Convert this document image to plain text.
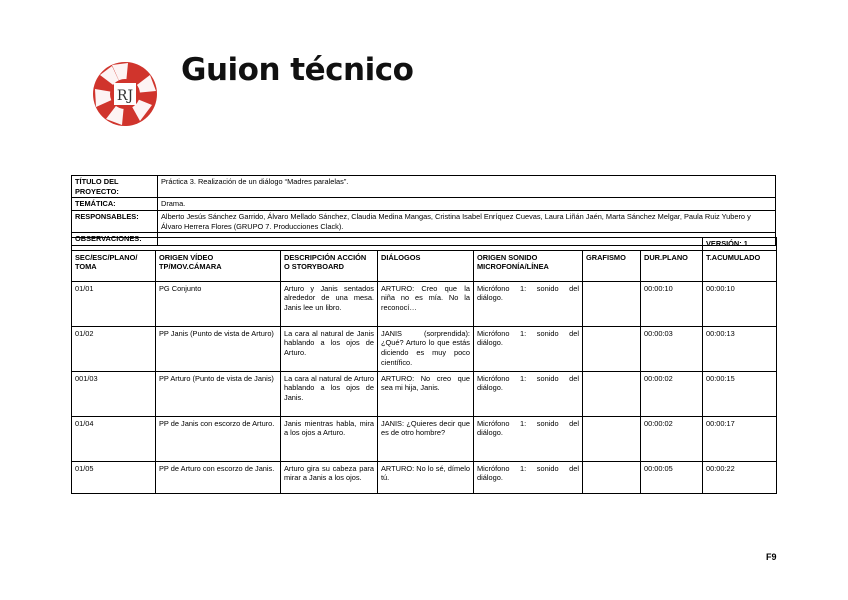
RJ
Guion técnico
TÍTULO DEL PROYECTO:	Práctica 3. Realización de un diálogo “Madres paralelas”.
TEMÁTICA:	Drama.
RESPONSABLES:	Alberto Jesús Sánchez Garrido, Álvaro Mellado Sánchez, Claudia Medina Mangas, Cristina Isabel Enríquez Cuevas, Laura Liñán Jaén, Marta Sánchez Melgar, Paula Ruiz Yubero y Álvaro Herrera Flores (GRUPO 7. Producciones Clack).
OBSERVACIONES:	
							VERSIÓN: 1
SEC/ESC/PLANO/ TOMA	ORIGEN VÍDEO TP/MOV.CÁMARA	DESCRIPCIÓN ACCIÓN O STORYBOARD	DIÁLOGOS	ORIGEN SONIDO MICROFONÍA/LÍNEA	GRAFISMO	DUR.PLANO	T.ACUMULADO
01/01	PG Conjunto	Arturo y Janis sentados alrededor de una mesa. Janis lee un libro.	ARTURO: Creo que la niña no es mía. No la reconocí…	Micrófono 1: sonido del diálogo.		00:00:10	00:00:10
01/02	PP Janis (Punto de vista de Arturo)	La cara al natural de Janis hablando a los ojos de Arturo.	JANIS (sorprendida): ¿Qué? Arturo lo que estás diciendo es muy poco científico.	Micrófono 1: sonido del diálogo.		00:00:03	00:00:13
001/03	PP Arturo (Punto de vista de Janis)	La cara al natural de Arturo hablando a los ojos de Janis.	ARTURO: No creo que sea mi hija, Janis.	Micrófono 1: sonido del diálogo.		00:00:02	00:00:15
01/04	PP de Janis con escorzo de Arturo.	Janis mientras habla, mira a los ojos a Arturo.	JANIS: ¿Quieres decir que es de otro hombre?	Micrófono 1: sonido del diálogo.		00:00:02	00:00:17
01/05	PP de Arturo con escorzo de Janis.	Arturo gira su cabeza para mirar a Janis a los ojos.	ARTURO: No lo sé, dímelo tú.	Micrófono 1: sonido del diálogo.		00:00:05	00:00:22
F9
